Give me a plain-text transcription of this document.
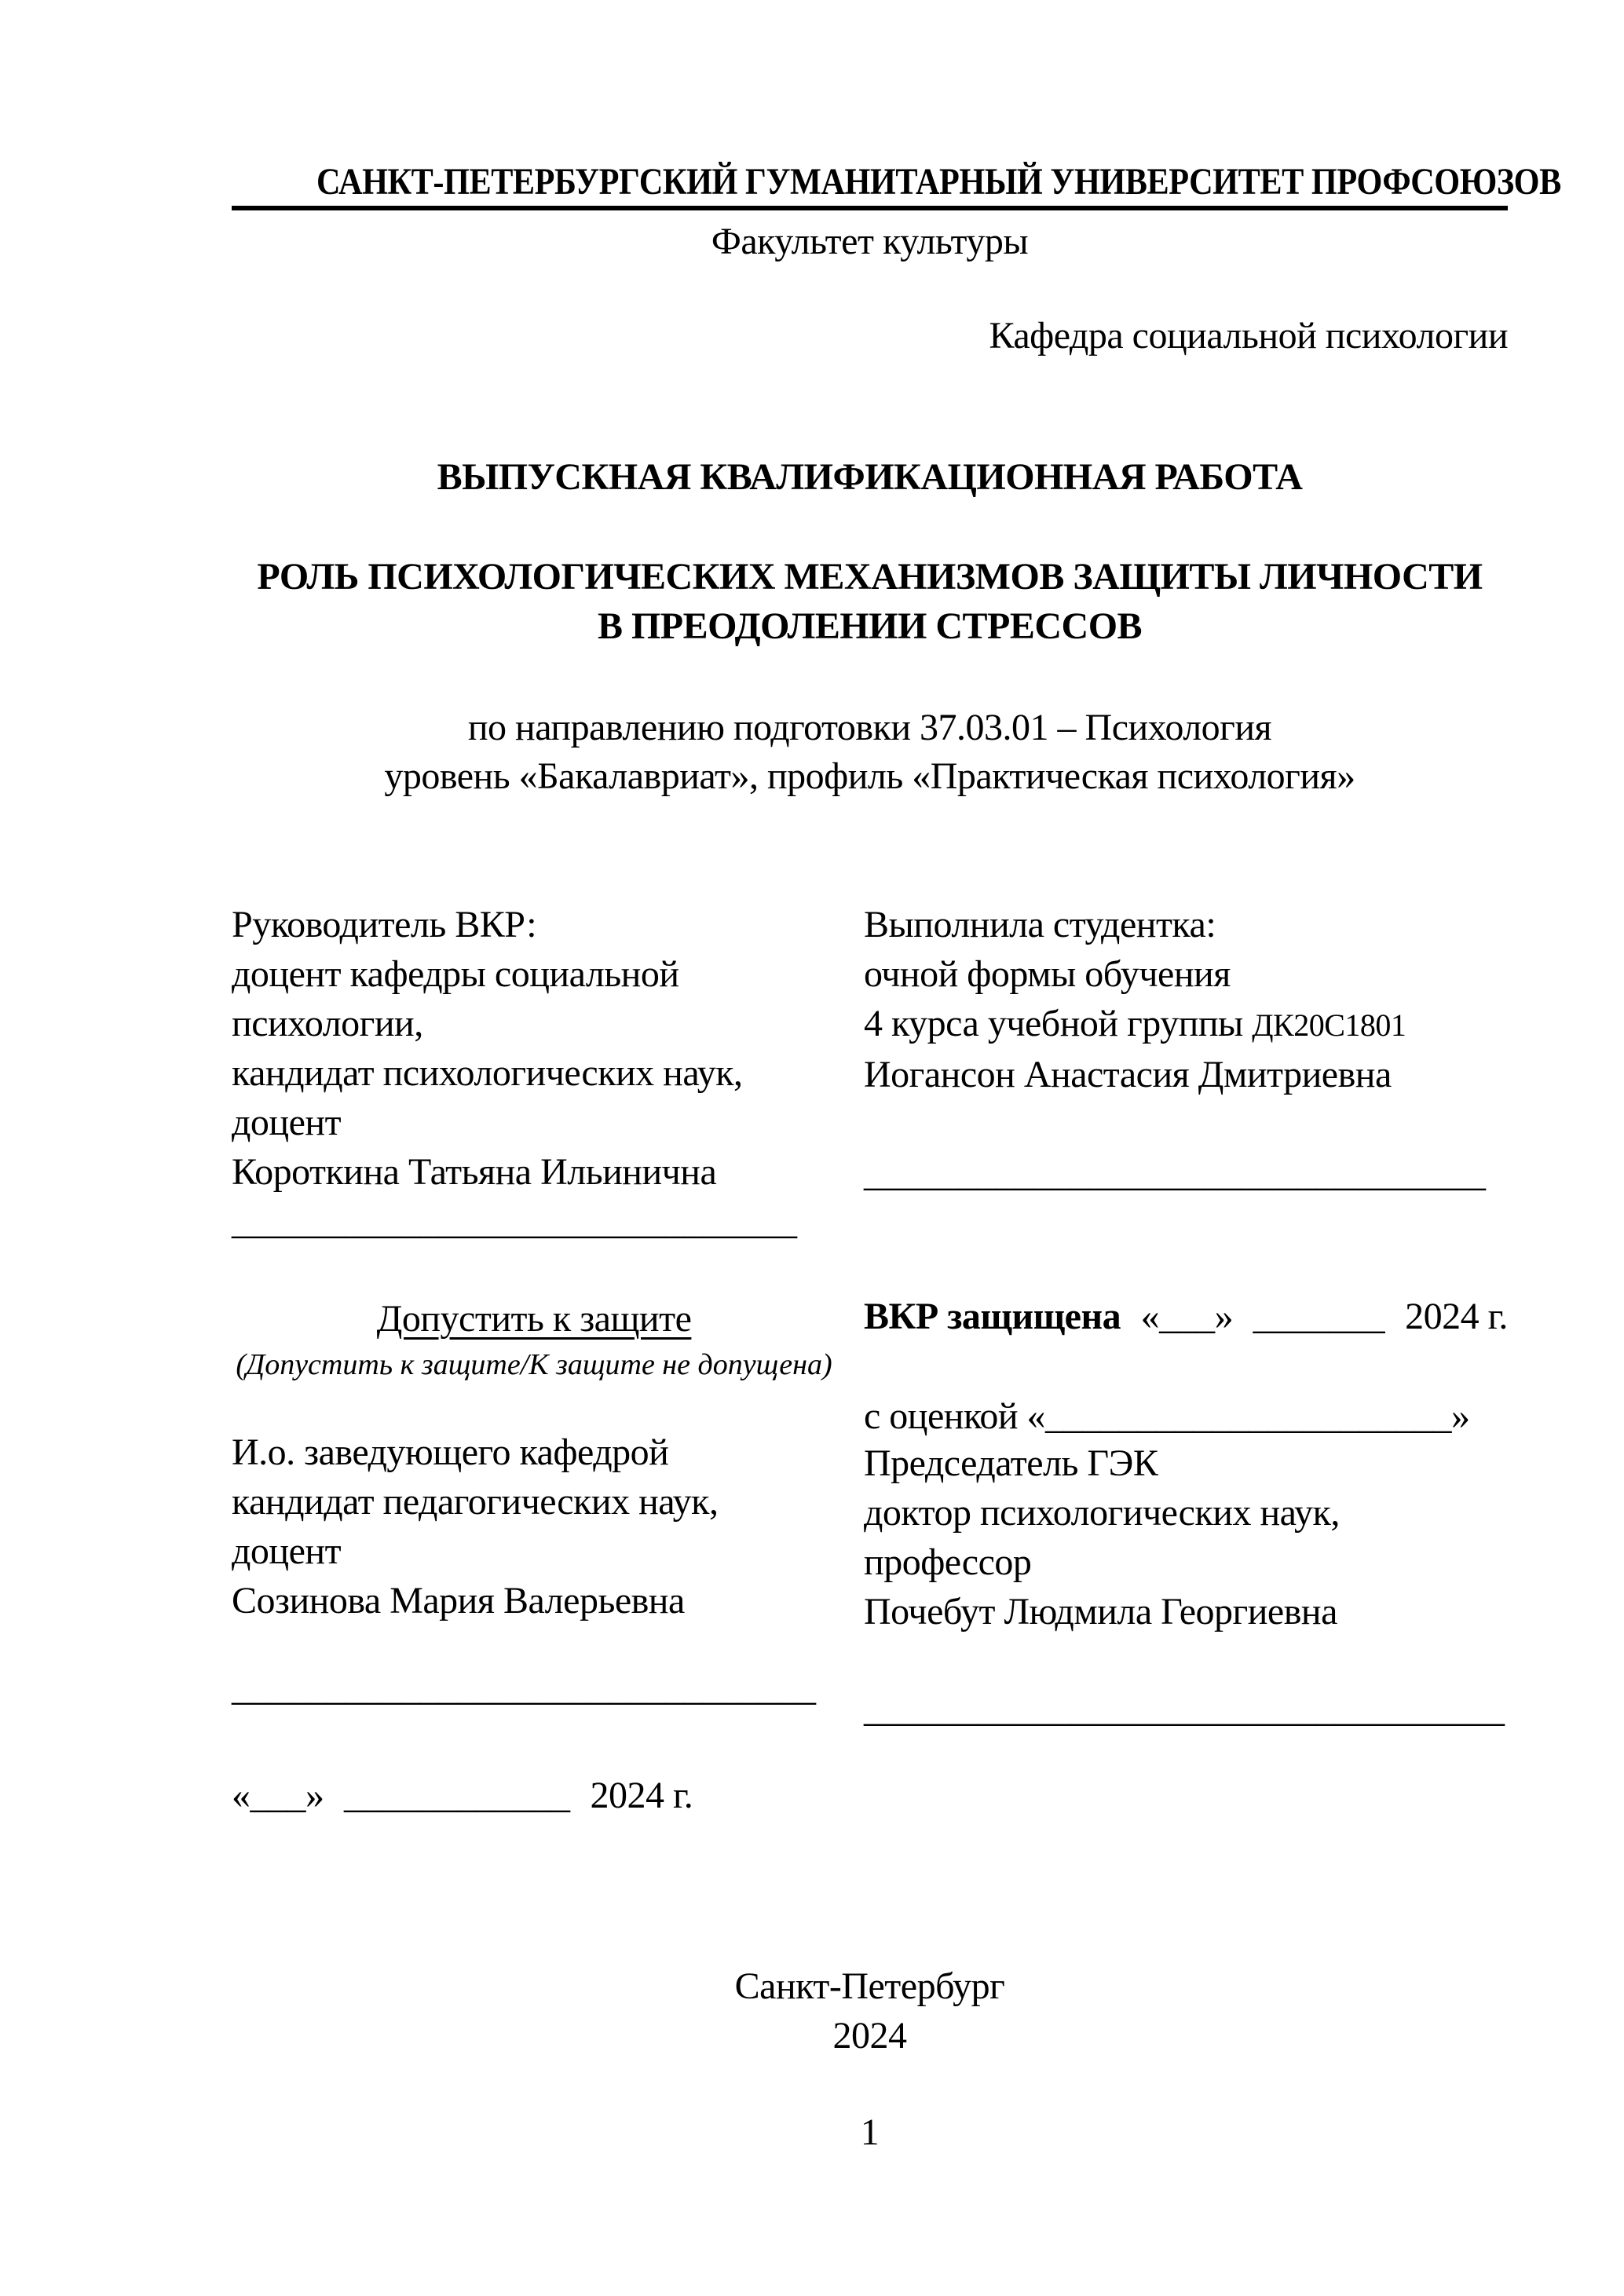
САНКТ-ПЕТЕРБУРГСКИЙ ГУМАНИТАРНЫЙ УНИВЕРСИТЕТ ПРОФСОЮЗОВ
Факультет культуры
Кафедра социальной психологии
ВЫПУСКНАЯ КВАЛИФИКАЦИОННАЯ РАБОТА
РОЛЬ ПСИХОЛОГИЧЕСКИХ МЕХАНИЗМОВ ЗАЩИТЫ ЛИЧНОСТИ
В ПРЕОДОЛЕНИИ СТРЕССОВ
по направлению подготовки 37.03.01 – Психология
уровень «Бакалавриат», профиль «Практическая психология»
Руководитель ВКР:
доцент кафедры социальной
психологии,
кандидат психологических наук,
доцент
Короткина Татьяна Ильинична
______________________________
Выполнила студентка:
очной формы обучения
4 курса учебной группы ДК20С1801
Иогансон Анастасия Дмитриевна

_________________________________
Допустить к защите
(Допустить к защите/К защите не допущена)
И.о. заведующего кафедрой
кандидат педагогических наук,
доцент
Созинова Мария Валерьевна
_______________________________
«___» ____________ 2024 г.
ВКР защищена «___» _______ 2024 г.
с оценкой «______________________»
Председатель ГЭК
доктор психологических наук,
профессор
Почебут Людмила Георгиевна
__________________________________
Санкт-Петербург
2024
1
